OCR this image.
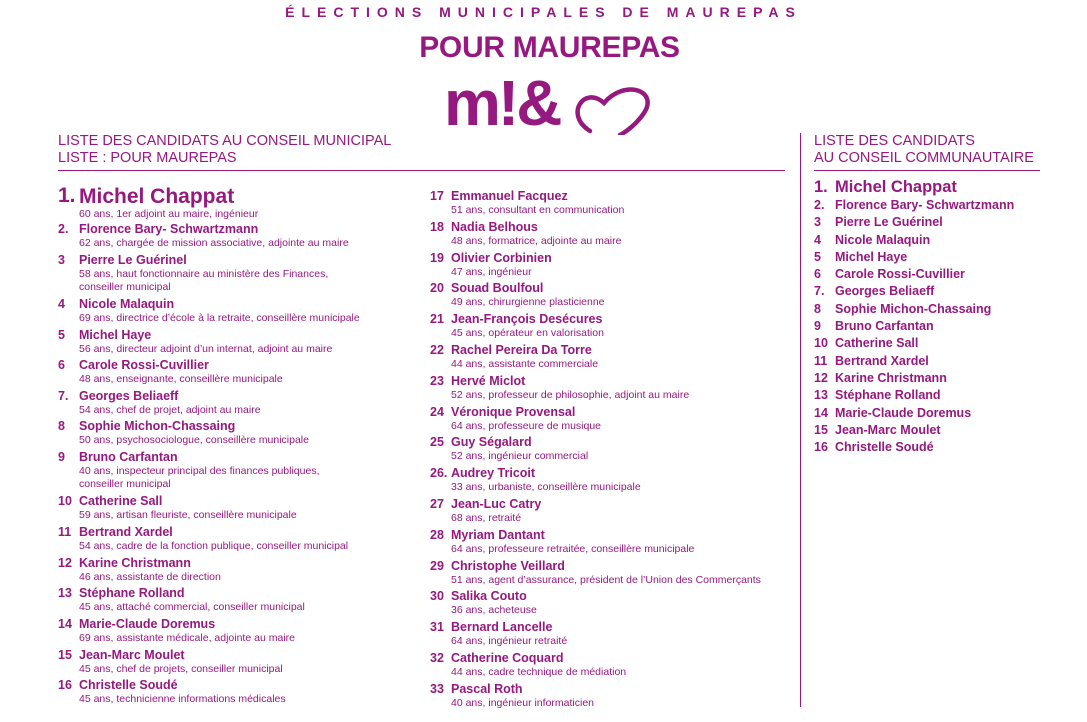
ÉLECTIONS MUNICIPALES DE MAUREPAS
POUR MAUREPAS
m!&
LISTE DES CANDIDATS AU CONSEIL MUNICIPAL
LISTE : POUR MAUREPAS
LISTE DES CANDIDATS
AU CONSEIL COMMUNAUTAIRE
1. Michel Chappat
60 ans, 1er adjoint au maire, ingénieur
2. Florence Bary- Schwartzmann
62 ans, chargée de mission associative, adjointe au maire
3 Pierre Le Guérinel
58 ans, haut fonctionnaire au ministère des Finances,
conseiller municipal
4 Nicole Malaquin
69 ans, directrice d’école à la retraite, conseillère municipale
5 Michel Haye
56 ans, directeur adjoint d’un internat, adjoint au maire
6 Carole Rossi-Cuvillier
48 ans, enseignante, conseillère municipale
7. Georges Beliaeff
54 ans, chef de projet, adjoint au maire
8 Sophie Michon-Chassaing
50 ans, psychosociologue, conseillère municipale
9 Bruno Carfantan
40 ans, inspecteur principal des finances publiques,
conseiller municipal
10 Catherine Sall
59 ans, artisan fleuriste, conseillère municipale
11 Bertrand Xardel
54 ans, cadre de la fonction publique, conseiller municipal
12 Karine Christmann
46 ans, assistante de direction
13 Stéphane Rolland
45 ans, attaché commercial, conseiller municipal
14 Marie-Claude Doremus
69 ans, assistante médicale, adjointe au maire
15 Jean-Marc Moulet
45 ans, chef de projets, conseiller municipal
16 Christelle Soudé
45 ans, technicienne informations médicales
17 Emmanuel Facquez
51 ans, consultant en communication
18 Nadia Belhous
48 ans, formatrice, adjointe au maire
19 Olivier Corbinien
47 ans, ingénieur
20 Souad Boulfoul
49 ans, chirurgienne plasticienne
21 Jean-François Desécures
45 ans, opérateur en valorisation
22 Rachel Pereira Da Torre
44 ans, assistante commerciale
23 Hervé Miclot
52 ans, professeur de philosophie, adjoint au maire
24 Véronique Provensal
64 ans, professeure de musique
25 Guy Ségalard
52 ans, ingénieur commercial
26. Audrey Tricoit
33 ans, urbaniste, conseillère municipale
27 Jean-Luc Catry
68 ans, retraité
28 Myriam Dantant
64 ans, professeure retraitée, conseillère municipale
29 Christophe Veillard
51 ans, agent d’assurance, président de l’Union des Commerçants
30 Salika Couto
36 ans, acheteuse
31 Bernard Lancelle
64 ans, ingénieur retraité
32 Catherine Coquard
44 ans, cadre technique de médiation
33 Pascal Roth
40 ans, ingénieur informaticien
1. Michel Chappat
2. Florence Bary- Schwartzmann
3 Pierre Le Guérinel
4 Nicole Malaquin
5 Michel Haye
6 Carole Rossi-Cuvillier
7. Georges Beliaeff
8 Sophie Michon-Chassaing
9 Bruno Carfantan
10 Catherine Sall
11 Bertrand Xardel
12 Karine Christmann
13 Stéphane Rolland
14 Marie-Claude Doremus
15 Jean-Marc Moulet
16 Christelle Soudé
